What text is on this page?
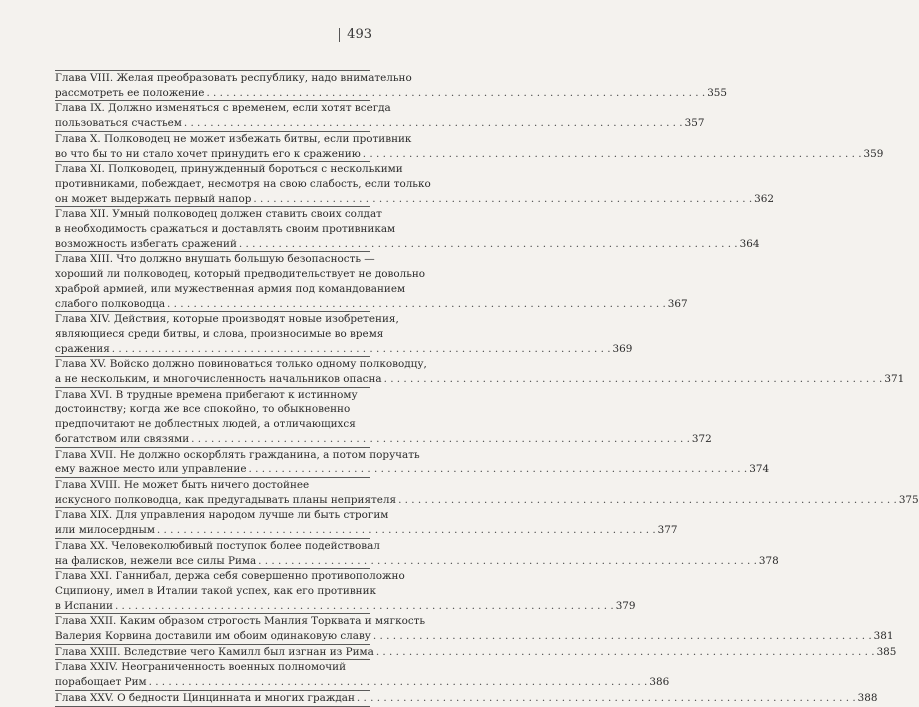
493
Глава VIII. Желая преобразовать республику, надо внимательно
рассмотреть ее положение . . .	355
Глава IX. Должно изменяться с временем, если хотят всегда
пользоваться счастьем . . .	357
Глава X. Полководец не может избежать битвы, если противник
во что бы то ни стало хочет принудить его к сражению . . .	359
Глава XI. Полководец, принужденный бороться с несколькими
противниками, побеждает, несмотря на свою слабость, если только
он может выдержать первый напор . . .	362
Глава XII. Умный полководец должен ставить своих солдат
в необходимость сражаться и доставлять своим противникам
возможность избегать сражений . . .	364
Глава XIII. Что должно внушать большую безопасность —
хороший ли полководец, который предводительствует не довольно
храброй армией, или мужественная армия под командованием
слабого полководца . . .	367
Глава XIV. Действия, которые производят новые изобретения,
являющиеся среди битвы, и слова, произносимые во время
сражения . . .	369
Глава XV. Войско должно повиноваться только одному полководцу,
а не нескольким, и многочисленность начальников опасна . . .	371
Глава XVI. В трудные времена прибегают к истинному
достоинству; когда же все спокойно, то обыкновенно
предпочитают не доблестных людей, а отличающихся
богатством или связями . . .	372
Глава XVII. Не должно оскорблять гражданина, а потом поручать
ему важное место или управление . . .	374
Глава XVIII. Не может быть ничего достойнее
искусного полководца, как предугадывать планы неприятеля . . .	375
Глава XIX. Для управления народом лучше ли быть строгим
или милосердным . . .	377
Глава XX. Человеколюбивый поступок более подействовал
на фалисков, нежели все силы Рима . . .	378
Глава XXI. Ганнибал, держа себя совершенно противоположно
Сципиону, имел в Италии такой успех, как его противник
в Испании . . .	379
Глава XXII. Каким образом строгость Манлия Торквата и мягкость
Валерия Корвина доставили им обоим одинаковую славу . . .	381
Глава XXIII. Вследствие чего Камилл был изгнан из Рима . . .	385
Глава XXIV. Неограниченность военных полномочий
порабощает Рим . . .	386
Глава XXV. О бедности Цинцинната и многих граждан . . .	388
